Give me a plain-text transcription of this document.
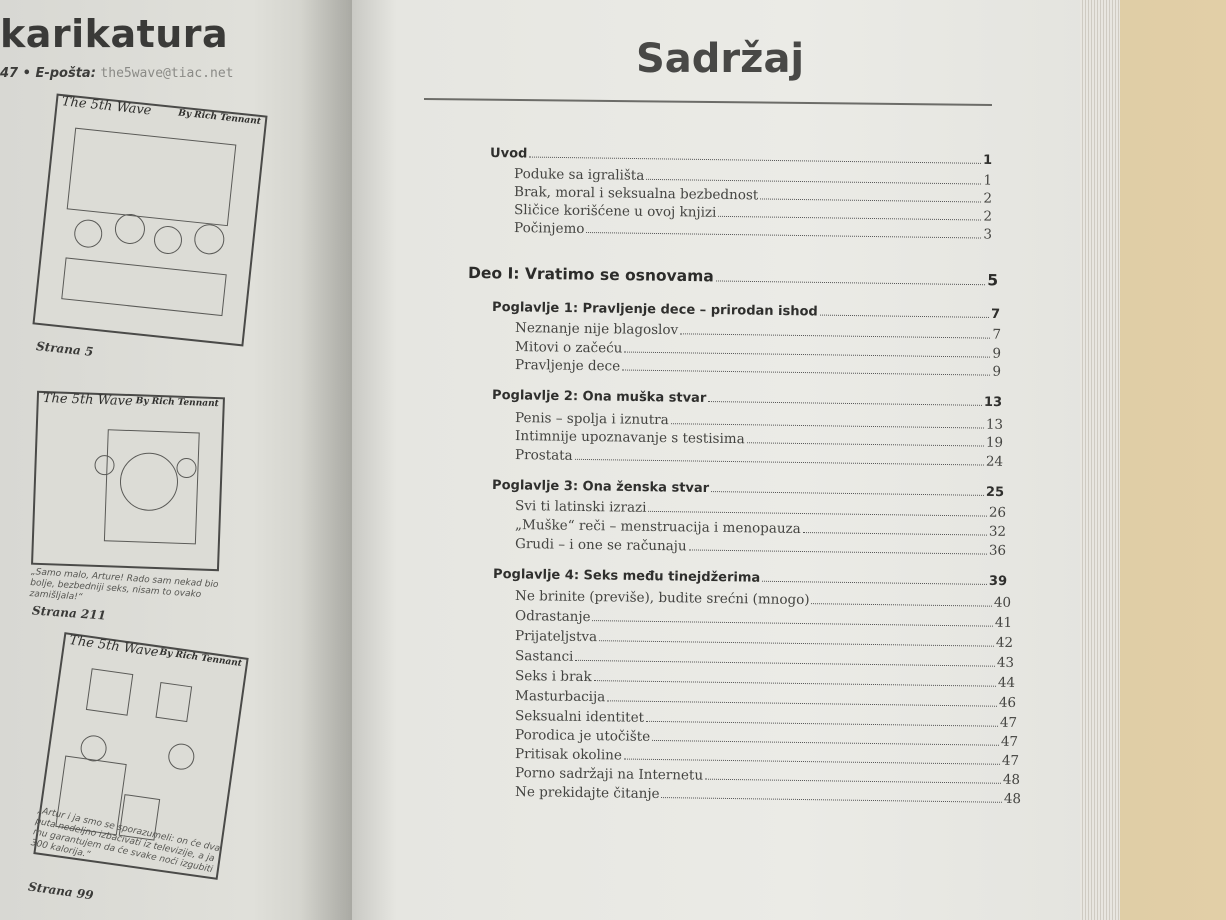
karikatura
47 • E-pošta: the5wave@tiac.net
The 5th Wave	By Rich Tennant
Strana 5
The 5th Wave By Rich Tennant
„Samo malo, Arture! Rado sam nekad bio bolje, bezbedniji seks, nisam to ovako zamišljala!“
Strana 211
The 5th Wave By Rich Tennant
„Artur i ja smo se sporazumeli: on će dva puta nedeljno izbacivati iz televizije, a ja mu garantujem da će svake noći izgubiti 300 kalorija.“
Strana 99
Sadržaj
Uvod	1
Poduke sa igrališta	1
Brak, moral i seksualna bezbednost	2
Sličice korišćene u ovoj knjizi	2
Počinjemo	3
Deo I: Vratimo se osnovama	5
Poglavlje 1: Pravljenje dece – prirodan ishod	7
Neznanje nije blagoslov	7
Mitovi o začeću	9
Pravljenje dece	9
Poglavlje 2: Ona muška stvar	13
Penis – spolja i iznutra	13
Intimnije upoznavanje s testisima	19
Prostata	24
Poglavlje 3: Ona ženska stvar	25
Svi ti latinski izrazi	26
„Muške“ reči – menstruacija i menopauza	32
Grudi – i one se računaju	36
Poglavlje 4: Seks među tinejdžerima	39
Ne brinite (previše), budite srećni (mnogo)	40
Odrastanje	41
Prijateljstva	42
Sastanci	43
Seks i brak	44
Masturbacija	46
Seksualni identitet	47
Porodica je utočište	47
Pritisak okoline	47
Porno sadržaji na Internetu	48
Ne prekidajte čitanje	48
